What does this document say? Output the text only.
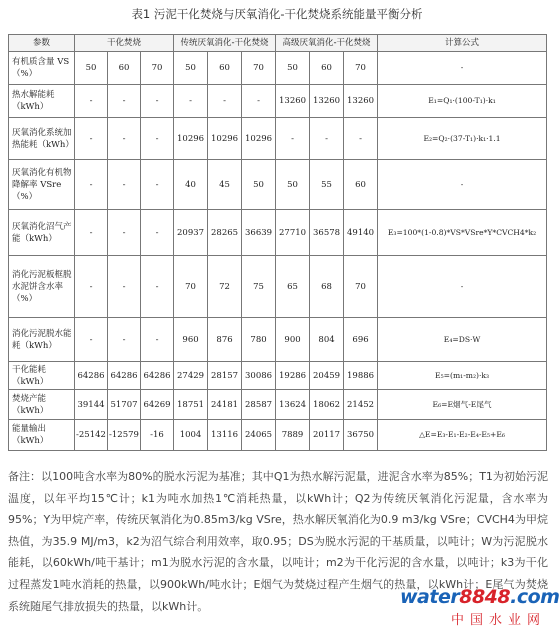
表1 污泥干化焚烧与厌氧消化-干化焚烧系统能量平衡分析
参数	干化焚烧			传统厌氧消化-干化焚烧			高级厌氧消化-干化焚烧			计算公式
有机质含量 VS（%）	50	60	70	50	60	70	50	60	70	-
热水解能耗（kWh）	-	-	-	-	-	-	13260	13260	13260	E₁=Q₁·(100-T₁)·k₁
厌氧消化系统加热能耗（kWh）	-	-	-	10296	10296	10296	-	-	-	E₂=Q₂·(37-T₁)·k₁·1.1
厌氧消化有机物降解率 VSre（%）	-	-	-	40	45	50	50	55	60	-
厌氧消化沼气产能（kWh）	-	-	-	20937	28265	36639	27710	36578	49140	E₃=100*(1-0.8)*VS*VSre*Y*CVCH4*k₂
消化污泥板框脱水泥饼含水率（%）	-	-	-	70	72	75	65	68	70	-
消化污泥脱水能耗（kWh）	-	-	-	960	876	780	900	804	696	E₄=DS·W
干化能耗（kWh）	64286	64286	64286	27429	28157	30086	19286	20459	19886	E₅=(m₁-m₂)·k₃
焚烧产能（kWh）	39144	51707	64269	18751	24181	28587	13624	18062	21452	E₆=E烟气-E尾气
能量输出（kWh）	-25142	-12579	-16	1004	13116	24065	7889	20117	36750	△E=E₃-E₁-E₂-E₄-E₅+E₆
备注：以100吨含水率为80%的脱水污泥为基准；其中Q1为热水解污泥量，进泥含水率为85%；T1为初始污泥温度，以年平均15℃计；k1为吨水加热1℃消耗热量，以kWh计；Q2为传统厌氧消化污泥量，含水率为95%；Y为甲烷产率，传统厌氧消化为0.85m3/kg VSre，热水解厌氧消化为0.9 m3/kg VSre；CVCH4为甲烷热值，为35.9 MJ/m3，k2为沼气综合利用效率，取0.95；DS为脱水污泥的干基质量，以吨计；W为污泥脱水能耗，以60kWh/吨干基计；m1为脱水污泥的含水量，以吨计；m2为干化污泥的含水量，以吨计；k3为干化过程蒸发1吨水消耗的热量，以900kWh/吨水计；E烟气为焚烧过程产生烟气的热量，以kWh计；E尾气为焚烧系统随尾气排放损失的热量，以kWh计。	water8848.com
中国水业网
